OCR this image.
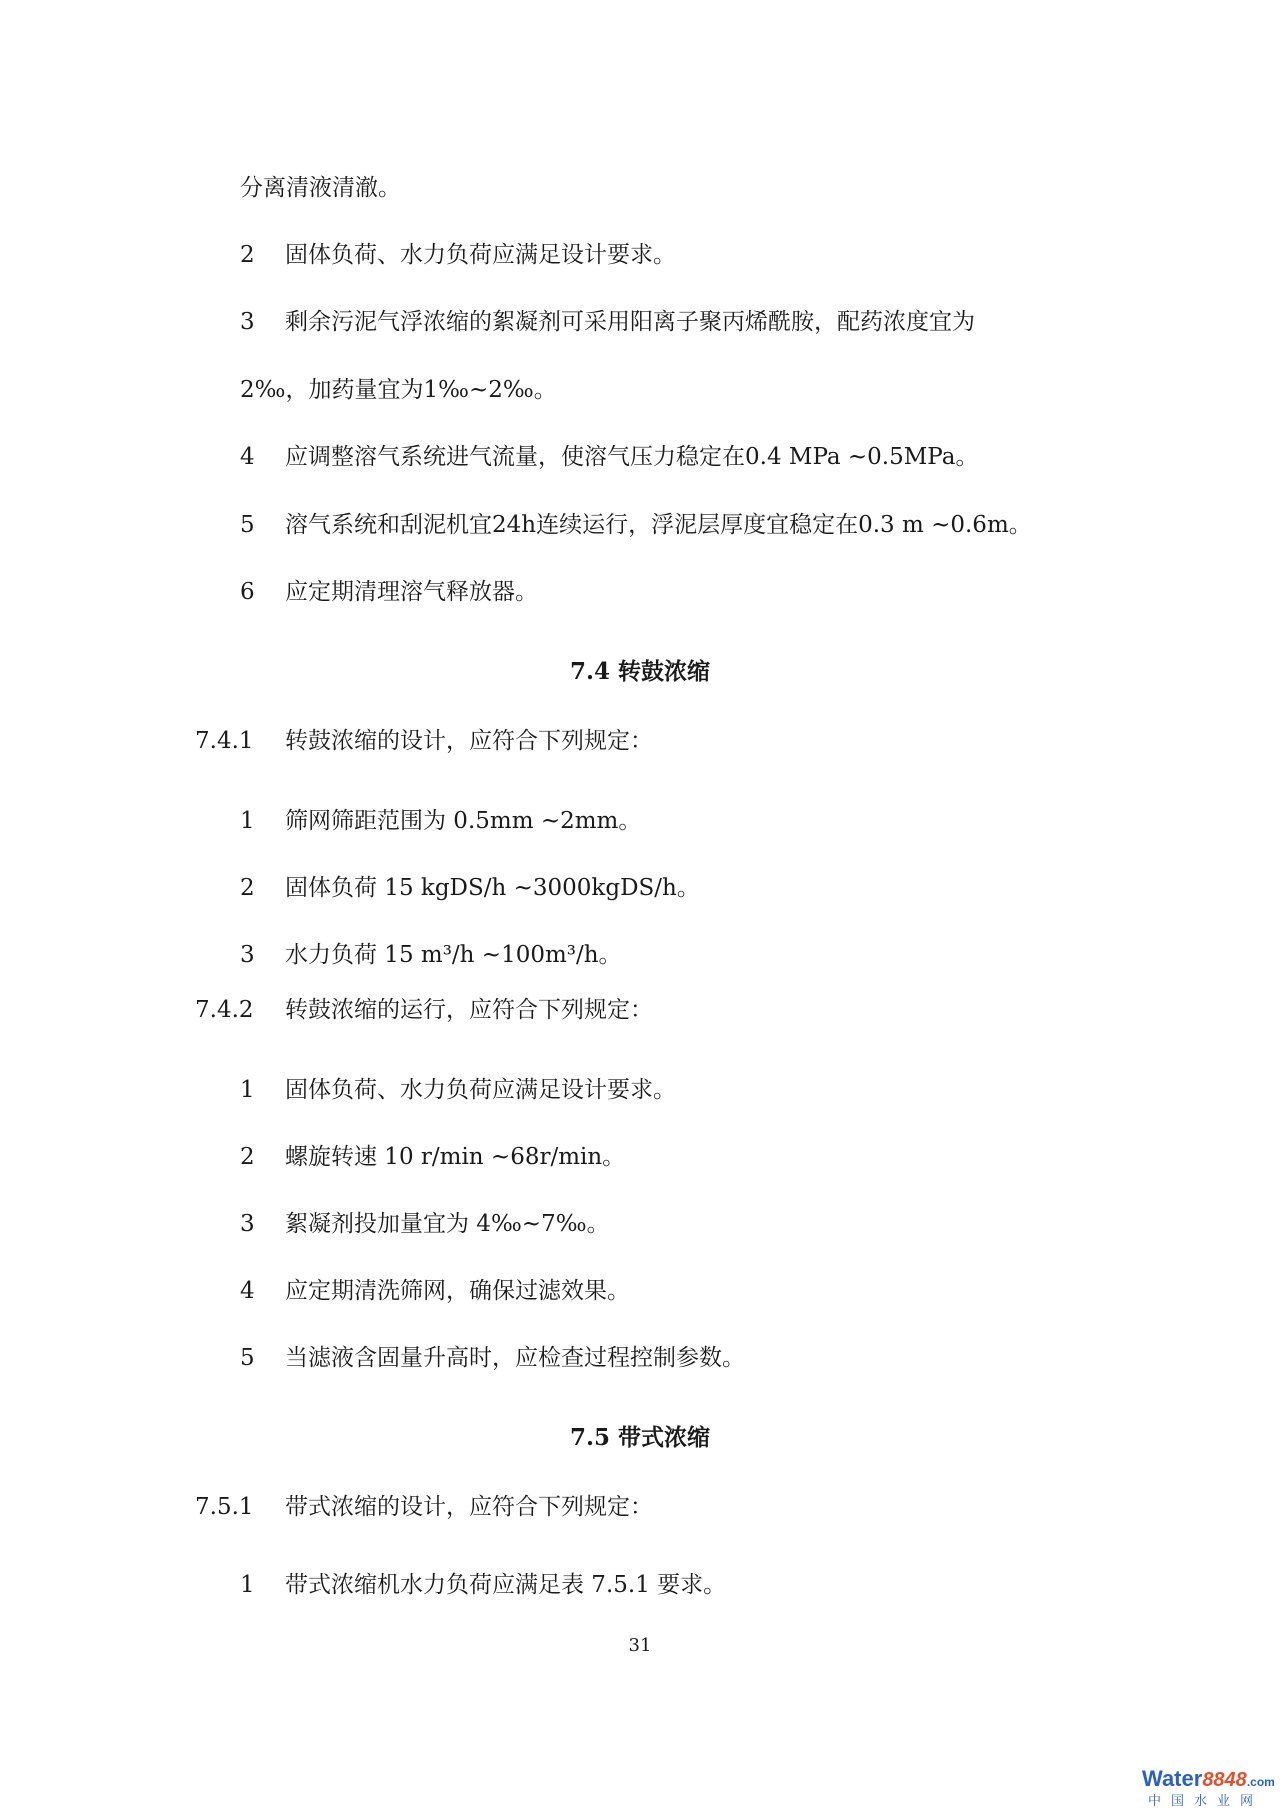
分离清液清澈。
2 固体负荷、水力负荷应满足设计要求。
3 剩余污泥气浮浓缩的絮凝剂可采用阳离子聚丙烯酰胺，配药浓度宜为
2‰，加药量宜为1‰~2‰。
4 应调整溶气系统进气流量，使溶气压力稳定在0.4 MPa ~0.5MPa。
5 溶气系统和刮泥机宜24h连续运行，浮泥层厚度宜稳定在0.3 m ~0.6m。
6 应定期清理溶气释放器。
7.4 转鼓浓缩
7.4.1 转鼓浓缩的设计，应符合下列规定：
1 筛网筛距范围为 0.5mm ~2mm。
2 固体负荷 15 kgDS/h ~3000kgDS/h。
3 水力负荷 15 m³/h ~100m³/h。
7.4.2 转鼓浓缩的运行，应符合下列规定：
1 固体负荷、水力负荷应满足设计要求。
2 螺旋转速 10 r/min ~68r/min。
3 絮凝剂投加量宜为 4‰~7‰。
4 应定期清洗筛网，确保过滤效果。
5 当滤液含固量升高时，应检查过程控制参数。
7.5 带式浓缩
7.5.1 带式浓缩的设计，应符合下列规定：
1 带式浓缩机水力负荷应满足表 7.5.1 要求。
31
Water8848.com
中国水业网
